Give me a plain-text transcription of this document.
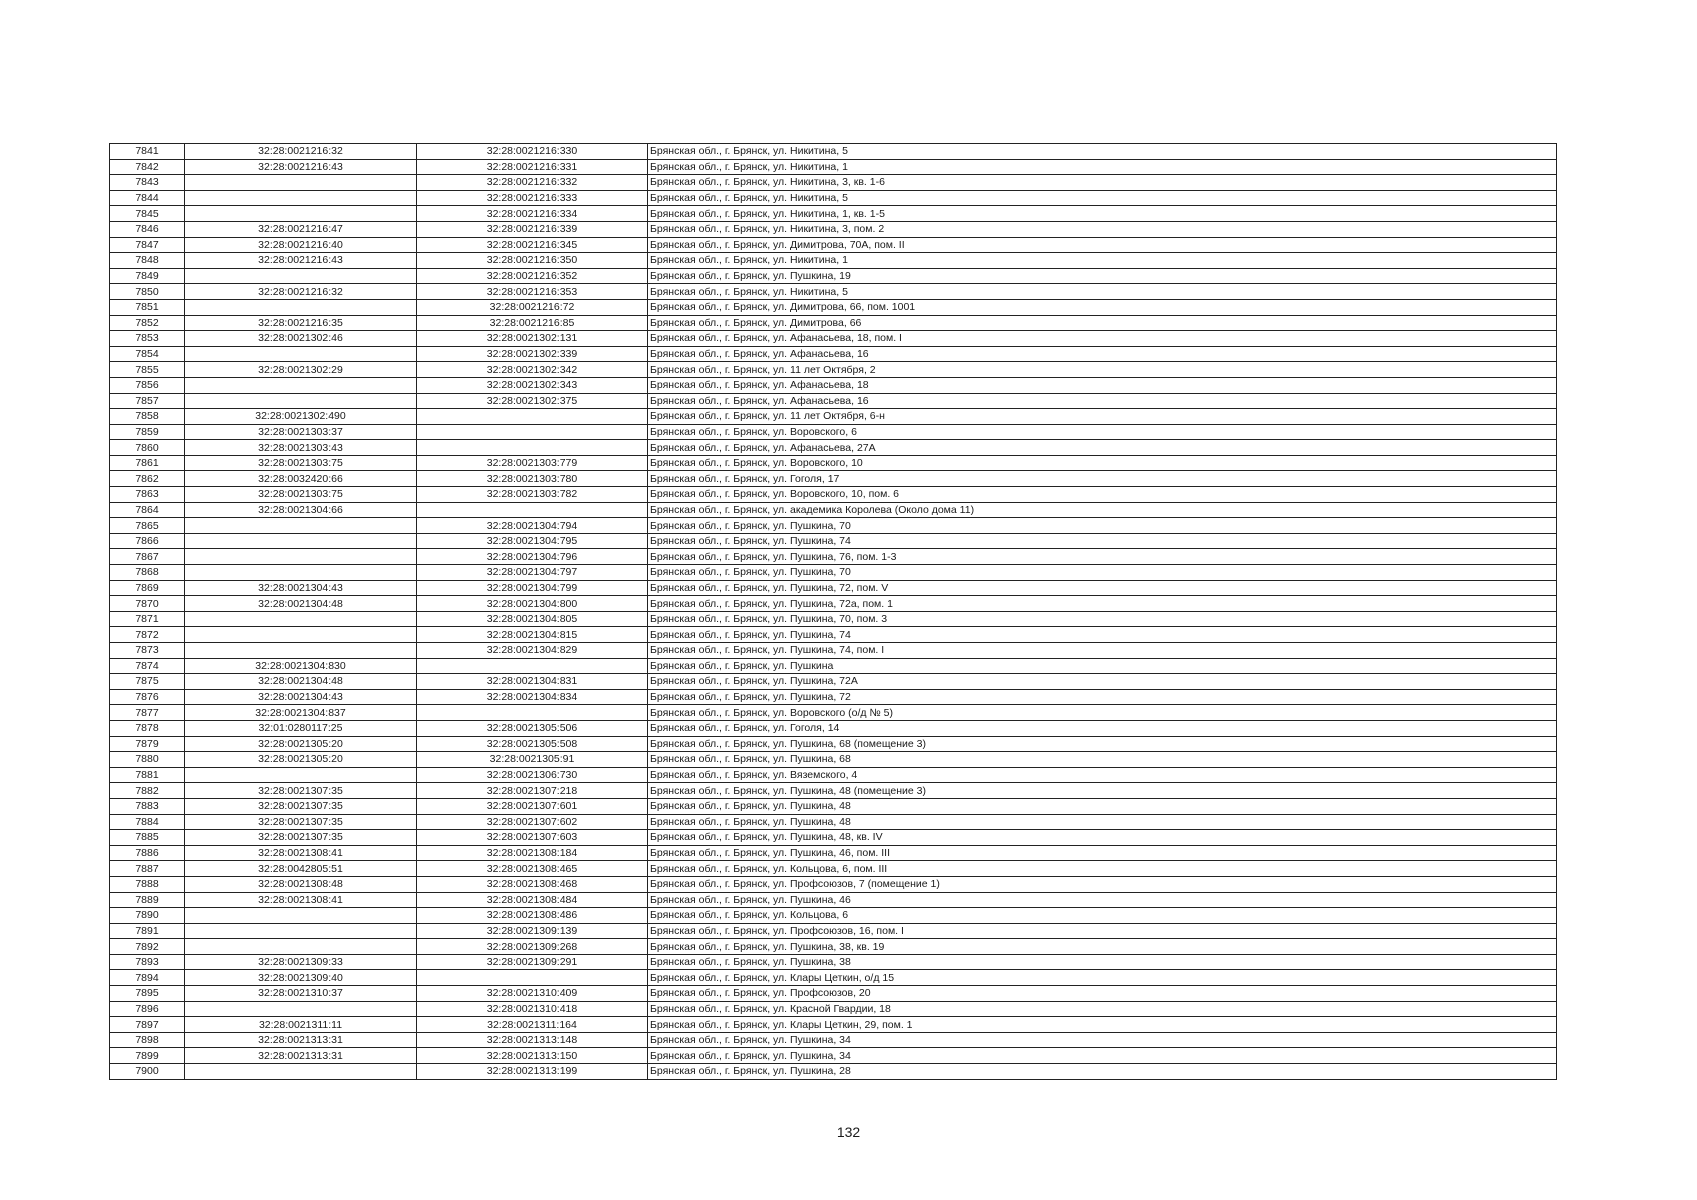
7841	32:28:0021216:32	32:28:0021216:330	Брянская обл., г. Брянск, ул. Никитина, 5
7842	32:28:0021216:43	32:28:0021216:331	Брянская обл., г. Брянск, ул. Никитина, 1
7843		32:28:0021216:332	Брянская обл., г. Брянск, ул. Никитина, 3, кв. 1-6
7844		32:28:0021216:333	Брянская обл., г. Брянск, ул. Никитина, 5
7845		32:28:0021216:334	Брянская обл., г. Брянск, ул. Никитина, 1, кв. 1-5
7846	32:28:0021216:47	32:28:0021216:339	Брянская обл., г. Брянск, ул. Никитина, 3, пом. 2
7847	32:28:0021216:40	32:28:0021216:345	Брянская обл., г. Брянск, ул. Димитрова, 70А, пом. II
7848	32:28:0021216:43	32:28:0021216:350	Брянская обл., г. Брянск, ул. Никитина, 1
7849		32:28:0021216:352	Брянская обл., г. Брянск, ул. Пушкина, 19
7850	32:28:0021216:32	32:28:0021216:353	Брянская обл., г. Брянск, ул. Никитина, 5
7851		32:28:0021216:72	Брянская обл., г. Брянск, ул. Димитрова, 66, пом. 1001
7852	32:28:0021216:35	32:28:0021216:85	Брянская обл., г. Брянск, ул. Димитрова, 66
7853	32:28:0021302:46	32:28:0021302:131	Брянская обл., г. Брянск, ул. Афанасьева, 18, пом. I
7854		32:28:0021302:339	Брянская обл., г. Брянск, ул. Афанасьева, 16
7855	32:28:0021302:29	32:28:0021302:342	Брянская обл., г. Брянск, ул. 11 лет Октября, 2
7856		32:28:0021302:343	Брянская обл., г. Брянск, ул. Афанасьева, 18
7857		32:28:0021302:375	Брянская обл., г. Брянск, ул. Афанасьева, 16
7858	32:28:0021302:490		Брянская обл., г. Брянск, ул. 11 лет Октября, 6-н
7859	32:28:0021303:37		Брянская обл., г. Брянск, ул. Воровского, 6
7860	32:28:0021303:43		Брянская обл., г. Брянск, ул. Афанасьева, 27А
7861	32:28:0021303:75	32:28:0021303:779	Брянская обл., г. Брянск, ул. Воровского, 10
7862	32:28:0032420:66	32:28:0021303:780	Брянская обл., г. Брянск, ул. Гоголя, 17
7863	32:28:0021303:75	32:28:0021303:782	Брянская обл., г. Брянск, ул. Воровского, 10, пом. 6
7864	32:28:0021304:66		Брянская обл., г. Брянск, ул. академика Королева (Около дома 11)
7865		32:28:0021304:794	Брянская обл., г. Брянск, ул. Пушкина, 70
7866		32:28:0021304:795	Брянская обл., г. Брянск, ул. Пушкина, 74
7867		32:28:0021304:796	Брянская обл., г. Брянск, ул. Пушкина, 76, пом. 1-3
7868		32:28:0021304:797	Брянская обл., г. Брянск, ул. Пушкина, 70
7869	32:28:0021304:43	32:28:0021304:799	Брянская обл., г. Брянск, ул. Пушкина, 72, пом. V
7870	32:28:0021304:48	32:28:0021304:800	Брянская обл., г. Брянск, ул. Пушкина, 72а, пом. 1
7871		32:28:0021304:805	Брянская обл., г. Брянск, ул. Пушкина, 70, пом. 3
7872		32:28:0021304:815	Брянская обл., г. Брянск, ул. Пушкина, 74
7873		32:28:0021304:829	Брянская обл., г. Брянск, ул. Пушкина, 74, пом. I
7874	32:28:0021304:830		Брянская обл., г. Брянск, ул. Пушкина
7875	32:28:0021304:48	32:28:0021304:831	Брянская обл., г. Брянск, ул. Пушкина, 72А
7876	32:28:0021304:43	32:28:0021304:834	Брянская обл., г. Брянск, ул. Пушкина, 72
7877	32:28:0021304:837		Брянская обл., г. Брянск, ул. Воровского (о/д № 5)
7878	32:01:0280117:25	32:28:0021305:506	Брянская обл., г. Брянск, ул. Гоголя, 14
7879	32:28:0021305:20	32:28:0021305:508	Брянская обл., г. Брянск, ул. Пушкина, 68 (помещение 3)
7880	32:28:0021305:20	32:28:0021305:91	Брянская обл., г. Брянск, ул. Пушкина, 68
7881		32:28:0021306:730	Брянская обл., г. Брянск, ул. Вяземского, 4
7882	32:28:0021307:35	32:28:0021307:218	Брянская обл., г. Брянск, ул. Пушкина, 48 (помещение 3)
7883	32:28:0021307:35	32:28:0021307:601	Брянская обл., г. Брянск, ул. Пушкина, 48
7884	32:28:0021307:35	32:28:0021307:602	Брянская обл., г. Брянск, ул. Пушкина, 48
7885	32:28:0021307:35	32:28:0021307:603	Брянская обл., г. Брянск, ул. Пушкина, 48, кв. IV
7886	32:28:0021308:41	32:28:0021308:184	Брянская обл., г. Брянск, ул. Пушкина, 46, пом. III
7887	32:28:0042805:51	32:28:0021308:465	Брянская обл., г. Брянск, ул. Кольцова, 6, пом. III
7888	32:28:0021308:48	32:28:0021308:468	Брянская обл., г. Брянск, ул. Профсоюзов, 7 (помещение 1)
7889	32:28:0021308:41	32:28:0021308:484	Брянская обл., г. Брянск, ул. Пушкина, 46
7890		32:28:0021308:486	Брянская обл., г. Брянск, ул. Кольцова, 6
7891		32:28:0021309:139	Брянская обл., г. Брянск, ул. Профсоюзов, 16, пом. I
7892		32:28:0021309:268	Брянская обл., г. Брянск, ул. Пушкина, 38, кв. 19
7893	32:28:0021309:33	32:28:0021309:291	Брянская обл., г. Брянск, ул. Пушкина, 38
7894	32:28:0021309:40		Брянская обл., г. Брянск, ул. Клары Цеткин, о/д 15
7895	32:28:0021310:37	32:28:0021310:409	Брянская обл., г. Брянск, ул. Профсоюзов, 20
7896		32:28:0021310:418	Брянская обл., г. Брянск, ул. Красной Гвардии, 18
7897	32:28:0021311:11	32:28:0021311:164	Брянская обл., г. Брянск, ул. Клары Цеткин, 29, пом. 1
7898	32:28:0021313:31	32:28:0021313:148	Брянская обл., г. Брянск, ул. Пушкина, 34
7899	32:28:0021313:31	32:28:0021313:150	Брянская обл., г. Брянск, ул. Пушкина, 34
7900		32:28:0021313:199	Брянская обл., г. Брянск, ул. Пушкина, 28
132
